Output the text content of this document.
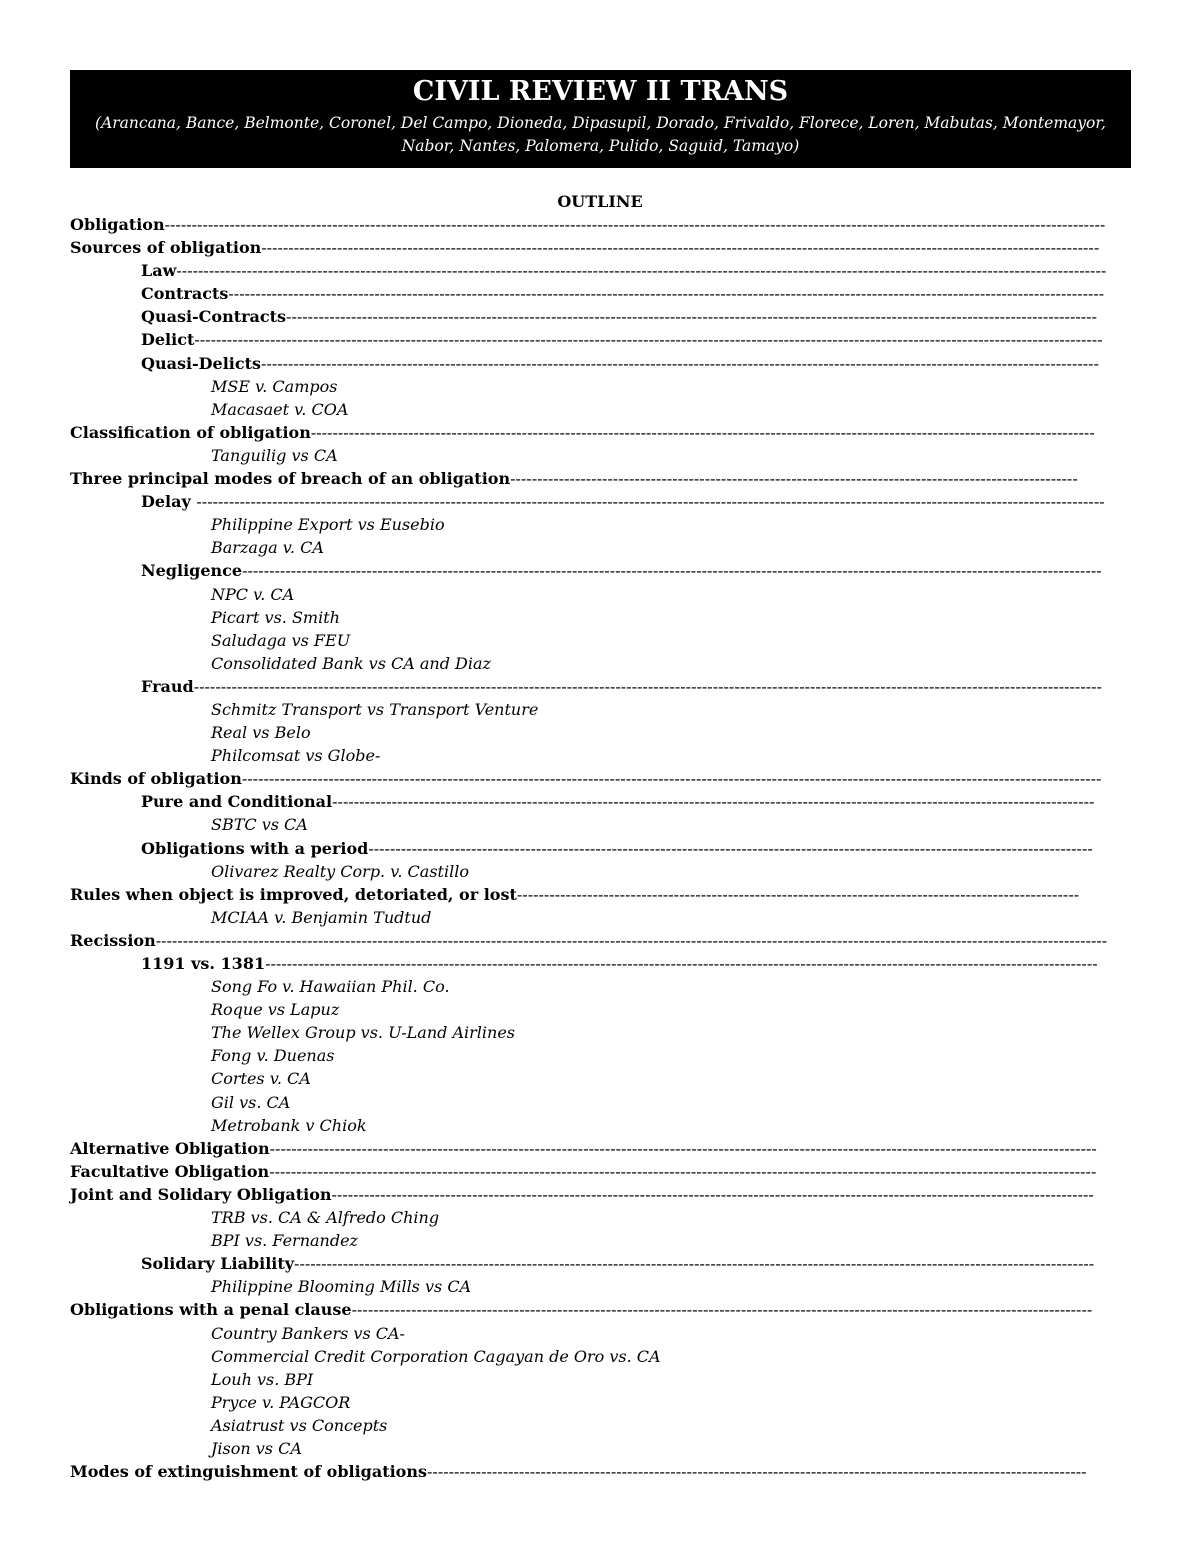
CIVIL REVIEW II TRANS
(Arancana, Bance, Belmonte, Coronel, Del Campo, Dioneda, Dipasupil, Dorado, Frivaldo, Florece, Loren, Mabutas, Montemayor, Nabor, Nantes, Palomera, Pulido, Saguid, Tamayo)
OUTLINE
Obligation------------------------------------------------------------------------------------------------------------------------------------------------------------------------------
Sources of obligation-----------------------------------------------------------------------------------------------------------------------------------------------------------
Law----------------------------------------------------------------------------------------------------------------------------------------------------------------------------
Contracts------------------------------------------------------------------------------------------------------------------------------------------------------------------
Quasi-Contracts------------------------------------------------------------------------------------------------------------------------------------------------------
Delict------------------------------------------------------------------------------------------------------------------------------------------------------------------------
Quasi-Delicts-----------------------------------------------------------------------------------------------------------------------------------------------------------
MSE v. Campos
Macasaet v. COA
Classification of obligation-------------------------------------------------------------------------------------------------------------------------------------------------
Tanguilig vs CA
Three principal modes of breach of an obligation---------------------------------------------------------------------------------------------------------
Delay ------------------------------------------------------------------------------------------------------------------------------------------------------------------------
Philippine Export vs Eusebio
Barzaga v. CA
Negligence---------------------------------------------------------------------------------------------------------------------------------------------------------------
NPC v. CA
Picart vs. Smith
Saludaga vs FEU
Consolidated Bank vs CA and Diaz
Fraud------------------------------------------------------------------------------------------------------------------------------------------------------------------------
Schmitz Transport vs Transport Venture
Real vs Belo
Philcomsat vs Globe-
Kinds of obligation---------------------------------------------------------------------------------------------------------------------------------------------------------------
Pure and Conditional---------------------------------------------------------------------------------------------------------------------------------------------
SBTC vs CA
Obligations with a period--------------------------------------------------------------------------------------------------------------------------------------
Olivarez Realty Corp. v. Castillo
Rules when object is improved, detoriated, or lost--------------------------------------------------------------------------------------------------------
MCIAA v. Benjamin Tudtud
Recission--------------------------------------------------------------------------------------------------------------------------------------------------------------------------------
1191 vs. 1381----------------------------------------------------------------------------------------------------------------------------------------------------------
Song Fo v. Hawaiian Phil. Co.
Roque vs Lapuz
The Wellex Group vs. U-Land Airlines
Fong v. Duenas
Cortes v. CA
Gil vs. CA
Metrobank v Chiok
Alternative Obligation---------------------------------------------------------------------------------------------------------------------------------------------------------
Facultative Obligation---------------------------------------------------------------------------------------------------------------------------------------------------------
Joint and Solidary Obligation---------------------------------------------------------------------------------------------------------------------------------------------
TRB vs. CA & Alfredo Ching
BPI vs. Fernandez
Solidary Liability----------------------------------------------------------------------------------------------------------------------------------------------------
Philippine Blooming Mills vs CA
Obligations with a penal clause-----------------------------------------------------------------------------------------------------------------------------------------
Country Bankers vs CA-
Commercial Credit Corporation Cagayan de Oro vs. CA
Louh vs. BPI
Pryce v. PAGCOR
Asiatrust vs Concepts
Jison vs CA
Modes of extinguishment of obligations--------------------------------------------------------------------------------------------------------------------------
